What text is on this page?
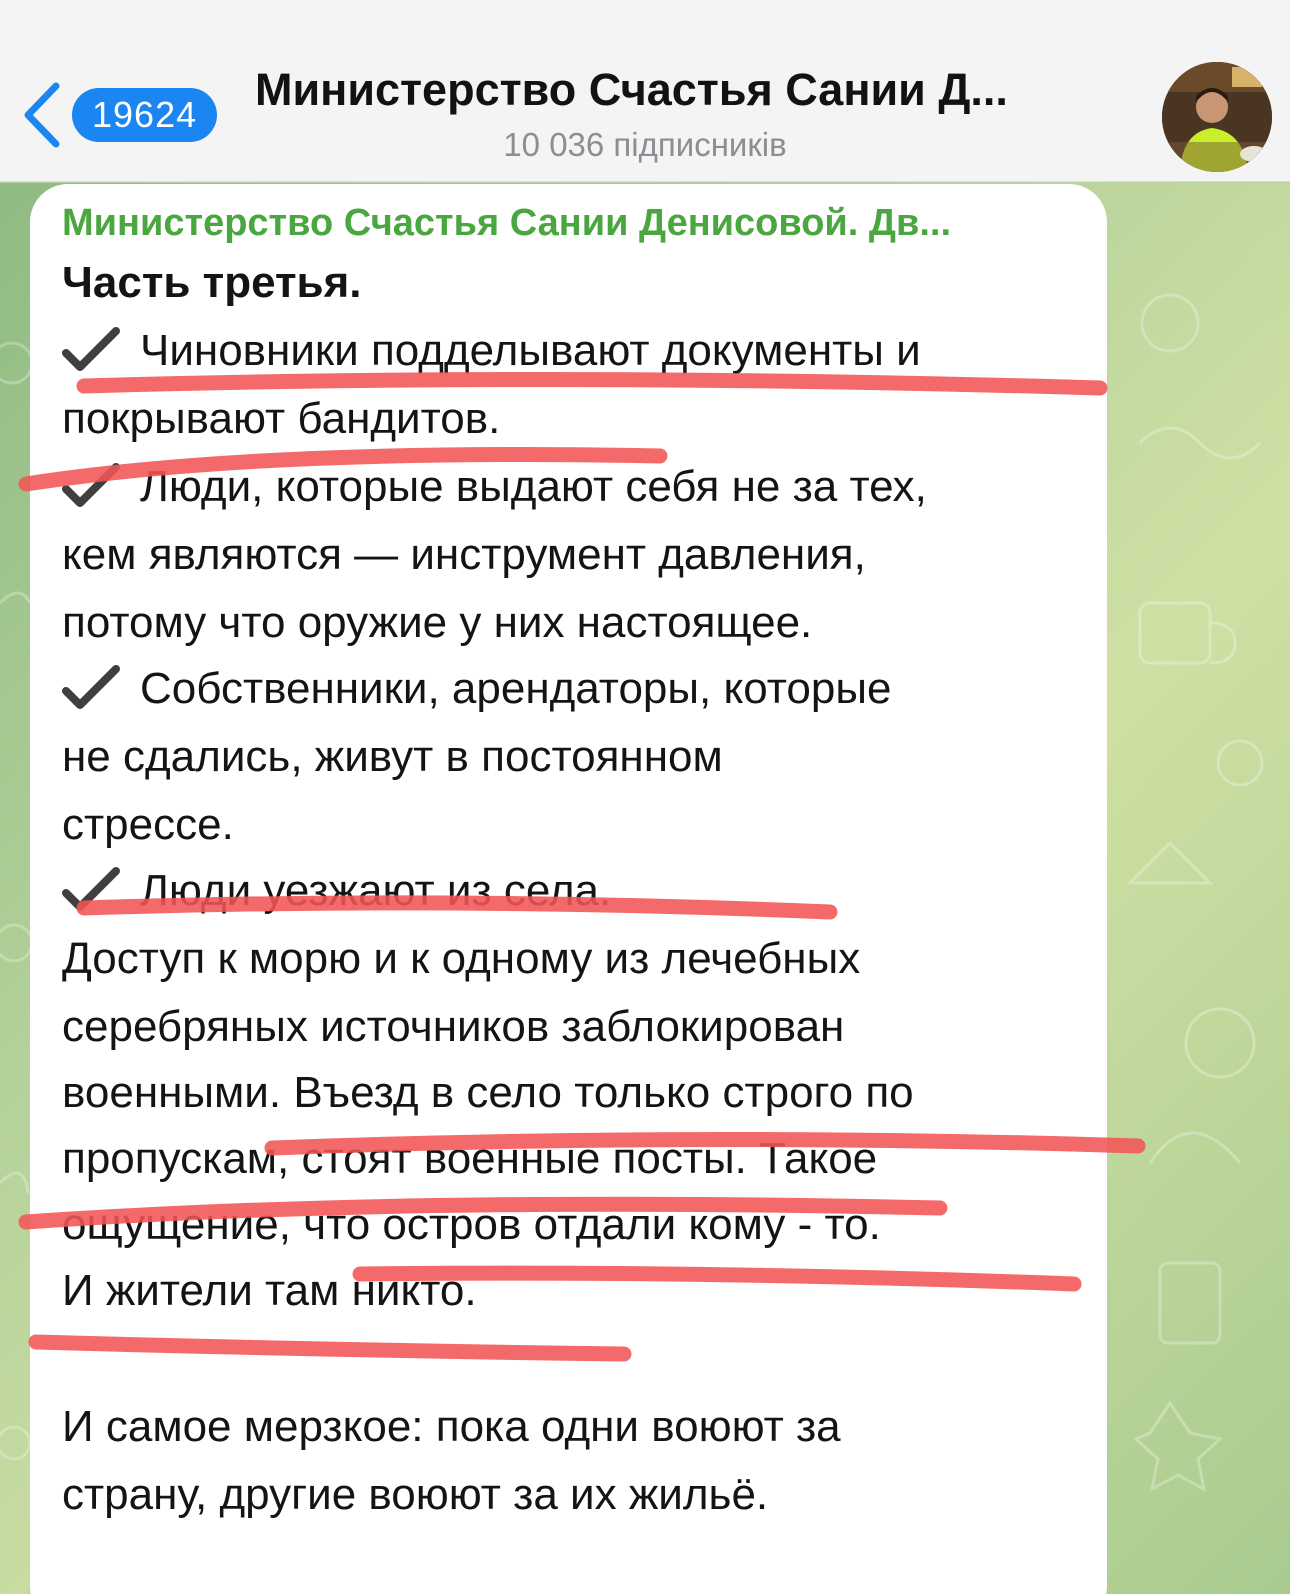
19624	Министерство Счастья Сании Д...
10 036 підписників
Министерство Счастья Сании Денисовой. Дв...
Часть третья.
Чиновники подделывают документы и
покрывают бандитов.
Люди, которые выдают себя не за тех,
кем являются — инструмент давления,
потому что оружие у них настоящее.
Собственники, арендаторы, которые
не сдались, живут в постоянном
стрессе.
Люди уезжают из села.
Доступ к морю и к одному из лечебных
серебряных источников заблокирован
военными. Въезд в село только строго по
пропускам, стоят военные посты. Такое
ощущение, что остров отдали кому - то.
И жители там никто.
И самое мерзкое: пока одни воюют за
страну, другие воюют за их жильё.
